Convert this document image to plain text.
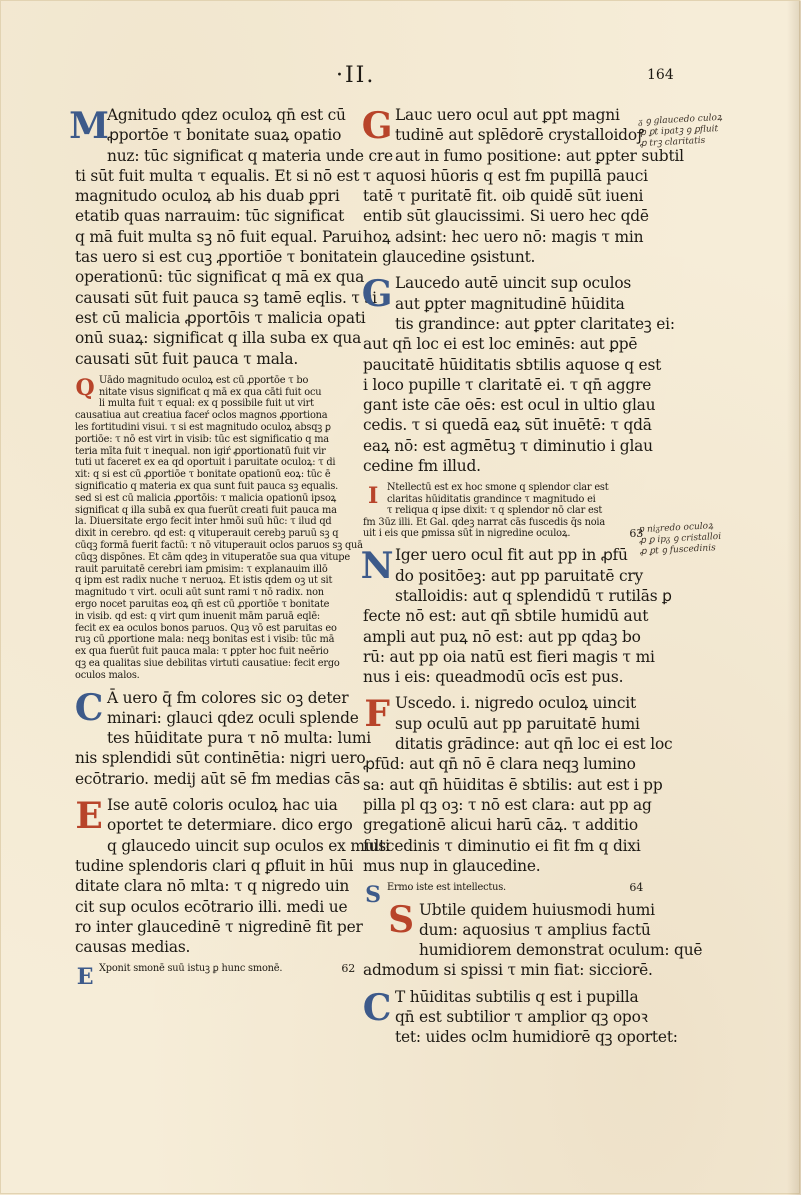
·II.	164
M
Agnitudo qdez oculoꝝ qn̄ est cū
ꝓportōe τ bonitate suaꝝ opatio
nuz: tūc significat q materia unde cre
ti sūt fuit multa τ equalis. Et si nō est
magnitudo oculoꝝ ab his duab ꝑpri
etatib quas narrauim: tūc significat
q mā fuit multa sꝫ nō fuit equal. Parui
tas uero si est cuꝫ ꝓportiōe τ bonitate
operationū: tūc significat q mā ex qua
causati sūt fuit pauca sꝫ tamē eqlis. τ si
est cū malicia ꝓportōis τ malicia opati
onū suaꝝ: significat q illa suba ex qua
causati sūt fuit pauca τ mala.
Q Uādo magnitudo oculoꝝ est cū ꝓportōe τ bo
nitate visus significat q mā ex qua cāti fuit ocu
li multa fuit τ equal: ex q possibile fuit ut virt
causatiua aut creatiua faceŕ oclos magnos ꝓportiona
les fortitudini visui. τ si est magnitudo oculoꝝ absqꝫ ꝑ
portiōe: τ nō est virt in visib: tūc est significatio q ma
teria mīta fuit τ inequal. non igiŕ ꝓportionatū fuit vir
tuti ut faceret ex ea qd oportuit i paruitate oculoꝝ: τ di
xit: q si est cū ꝓportiōe τ bonitate opationū eoꝝ: tūc ē
significatio q materia ex qua sunt fuit pauca sꝫ equalis.
sed si est cū malicia ꝓportōis: τ malicia opationū ipsoꝝ
significat q illa subā ex qua fuerūt creati fuit pauca ma
la. Diuersitate ergo fecit inter hmōi suū hūc: τ ilud qd
dixit in cerebro. qd est: q vituperauit cerebꝫ paruū sꝫ q
cūqꝫ formā fuerit factū: τ nō vituperauit oclos paruos sꝫ quā
cūqꝫ dispōnes. Et cām qdeꝫ in vituperatōe sua qua vitupe
rauit paruitatē cerebri iam ꝑmisim: τ explanauim illō
q ipm est radix nuche τ neruoꝝ. Et istis qdem oꝫ ut sit
magnitudo τ virt. oculi aūt sunt rami τ nō radix. non
ergo nocet paruitas eoꝝ qn̄ est cū ꝓportiōe τ bonitate
in visib. qd est: q virt qum inuenit mām paruā eqlē:
fecit ex ea oculos bonos paruos. Quꝫ vō est paruitas eo
ruꝫ cū ꝓportione mala: neqꝫ bonitas est i visib: tūc mā
ex qua fuerūt fuit pauca mala: τ ꝑpter hoc fuit neĕrio
qꝫ ea qualitas siue debilitas virtuti causatiue: fecit ergo
oculos malos.
C Ā uero q̄ fm colores sic oꝫ deter
minari: glauci qdez oculi splende
tes hūiditate pura τ nō multa: lumi
nis splendidi sūt continētia: nigri uero
ecōtrario. medij aūt sē fm medias cās
E Ise autē coloris oculoꝝ hac uia
oportet te determiare. dico ergo
q glaucedo uincit sup oculos ex multi
tudine splendoris clari q ꝑfluit in hūi
ditate clara nō mlta: τ q nigredo uin
cit sup oculos ecōtrario illi. medi ue
ro inter glaucedinē τ nigredinē fit per
causas medias.
E Xponit smonē suū istuꝫ ꝑ hunc smonē.	62
G Lauc uero ocul aut ꝑpt magni
tudinē aut splēdorē crystalloidoꝭ
aut in fumo positione: aut ꝑpter subtil
τ aquosi hūoris q est fm pupillā pauci
tatē τ puritatē fit. oib quidē sūt iueni
entib sūt glaucissimi. Si uero hec qdē
hoꝝ adsint: hec uero nō: magis τ min
in glaucedine ꝯsistunt.
G Laucedo autē uincit sup oculos
aut ꝑpter magnitudinē hūidita
tis grandince: aut ꝑpter claritateꝫ ei:
aut qn̄ loc ei est loc eminēs: aut ꝑpē
paucitatē hūiditatis sbtilis aquose q est
i loco pupille τ claritatē ei. τ qn̄ aggre
gant iste cāe oēs: est ocul in ultio glau
cedis. τ si quedā eaꝝ sūt inuētē: τ qdā
eaꝝ nō: est agmētuꝫ τ diminutio i glau
cedine fm illud.
I Ntellectū est ex hoc smone q splendor clar est
claritas hūiditatis grandince τ magnitudo ei
τ reliqua q ipse dixit: τ q splendor nō clar est
fm 3ūz illi. Et Gal. qdeꝫ narrat cās fuscedis q̄s noia
uit i eis que ꝑmissa sūt in nigredine oculoꝝ.	63
N Iger uero ocul fit aut pp in ꝓfū
do positōeꝫ: aut pp paruitatē cry
stalloidis: aut q splendidū τ rutilās ꝑ
fecte nō est: aut qn̄ sbtile humidū aut
ampli aut puꝝ nō est: aut pp qdaꝫ bo
rū: aut pp oia natū est fieri magis τ mi
nus i eis: queadmodū ocīs est pus.
F Uscedo. i. nigredo oculoꝝ uincit
sup oculū aut pp paruitatē humi
ditatis grādince: aut qn̄ loc ei est loc
ꝓfūd: aut qn̄ nō ē clara neqꝫ lumino
sa: aut qn̄ hūiditas ē sbtilis: aut est i pp
pilla pl qꝫ oꝫ: τ nō est clara: aut pp ag
gregationē alicui harū cāꝝ. τ additio
fuscedinis τ diminutio ei fit fm q dixi
mus nup in glaucedine.
S Ermo iste est intellectus.	64
S Ubtile quidem huiusmodi humi
dum: aquosius τ amplius factū
humidiorem demonstrat oculum: quē
admodum si spissi τ min fiat: sicciorē.
C T hūiditas subtilis q est i pupilla
qn̄ est subtilior τ amplior qꝫ opoꝛ
tet: uides oclm humidiorē qꝫ oportet:
ᵹ ꝯ glaucedo culoꝝ
ꝓ ꝑt ipatꝫ ꝯ ꝑfluit
ꝓ trꝫ claritatis
ꝑ niᵹredo oculoꝝ
ꝓ ꝑ ipᵹ ꝯ cristalloi
ꝓ ꝑt ꝯ fuscedinis
